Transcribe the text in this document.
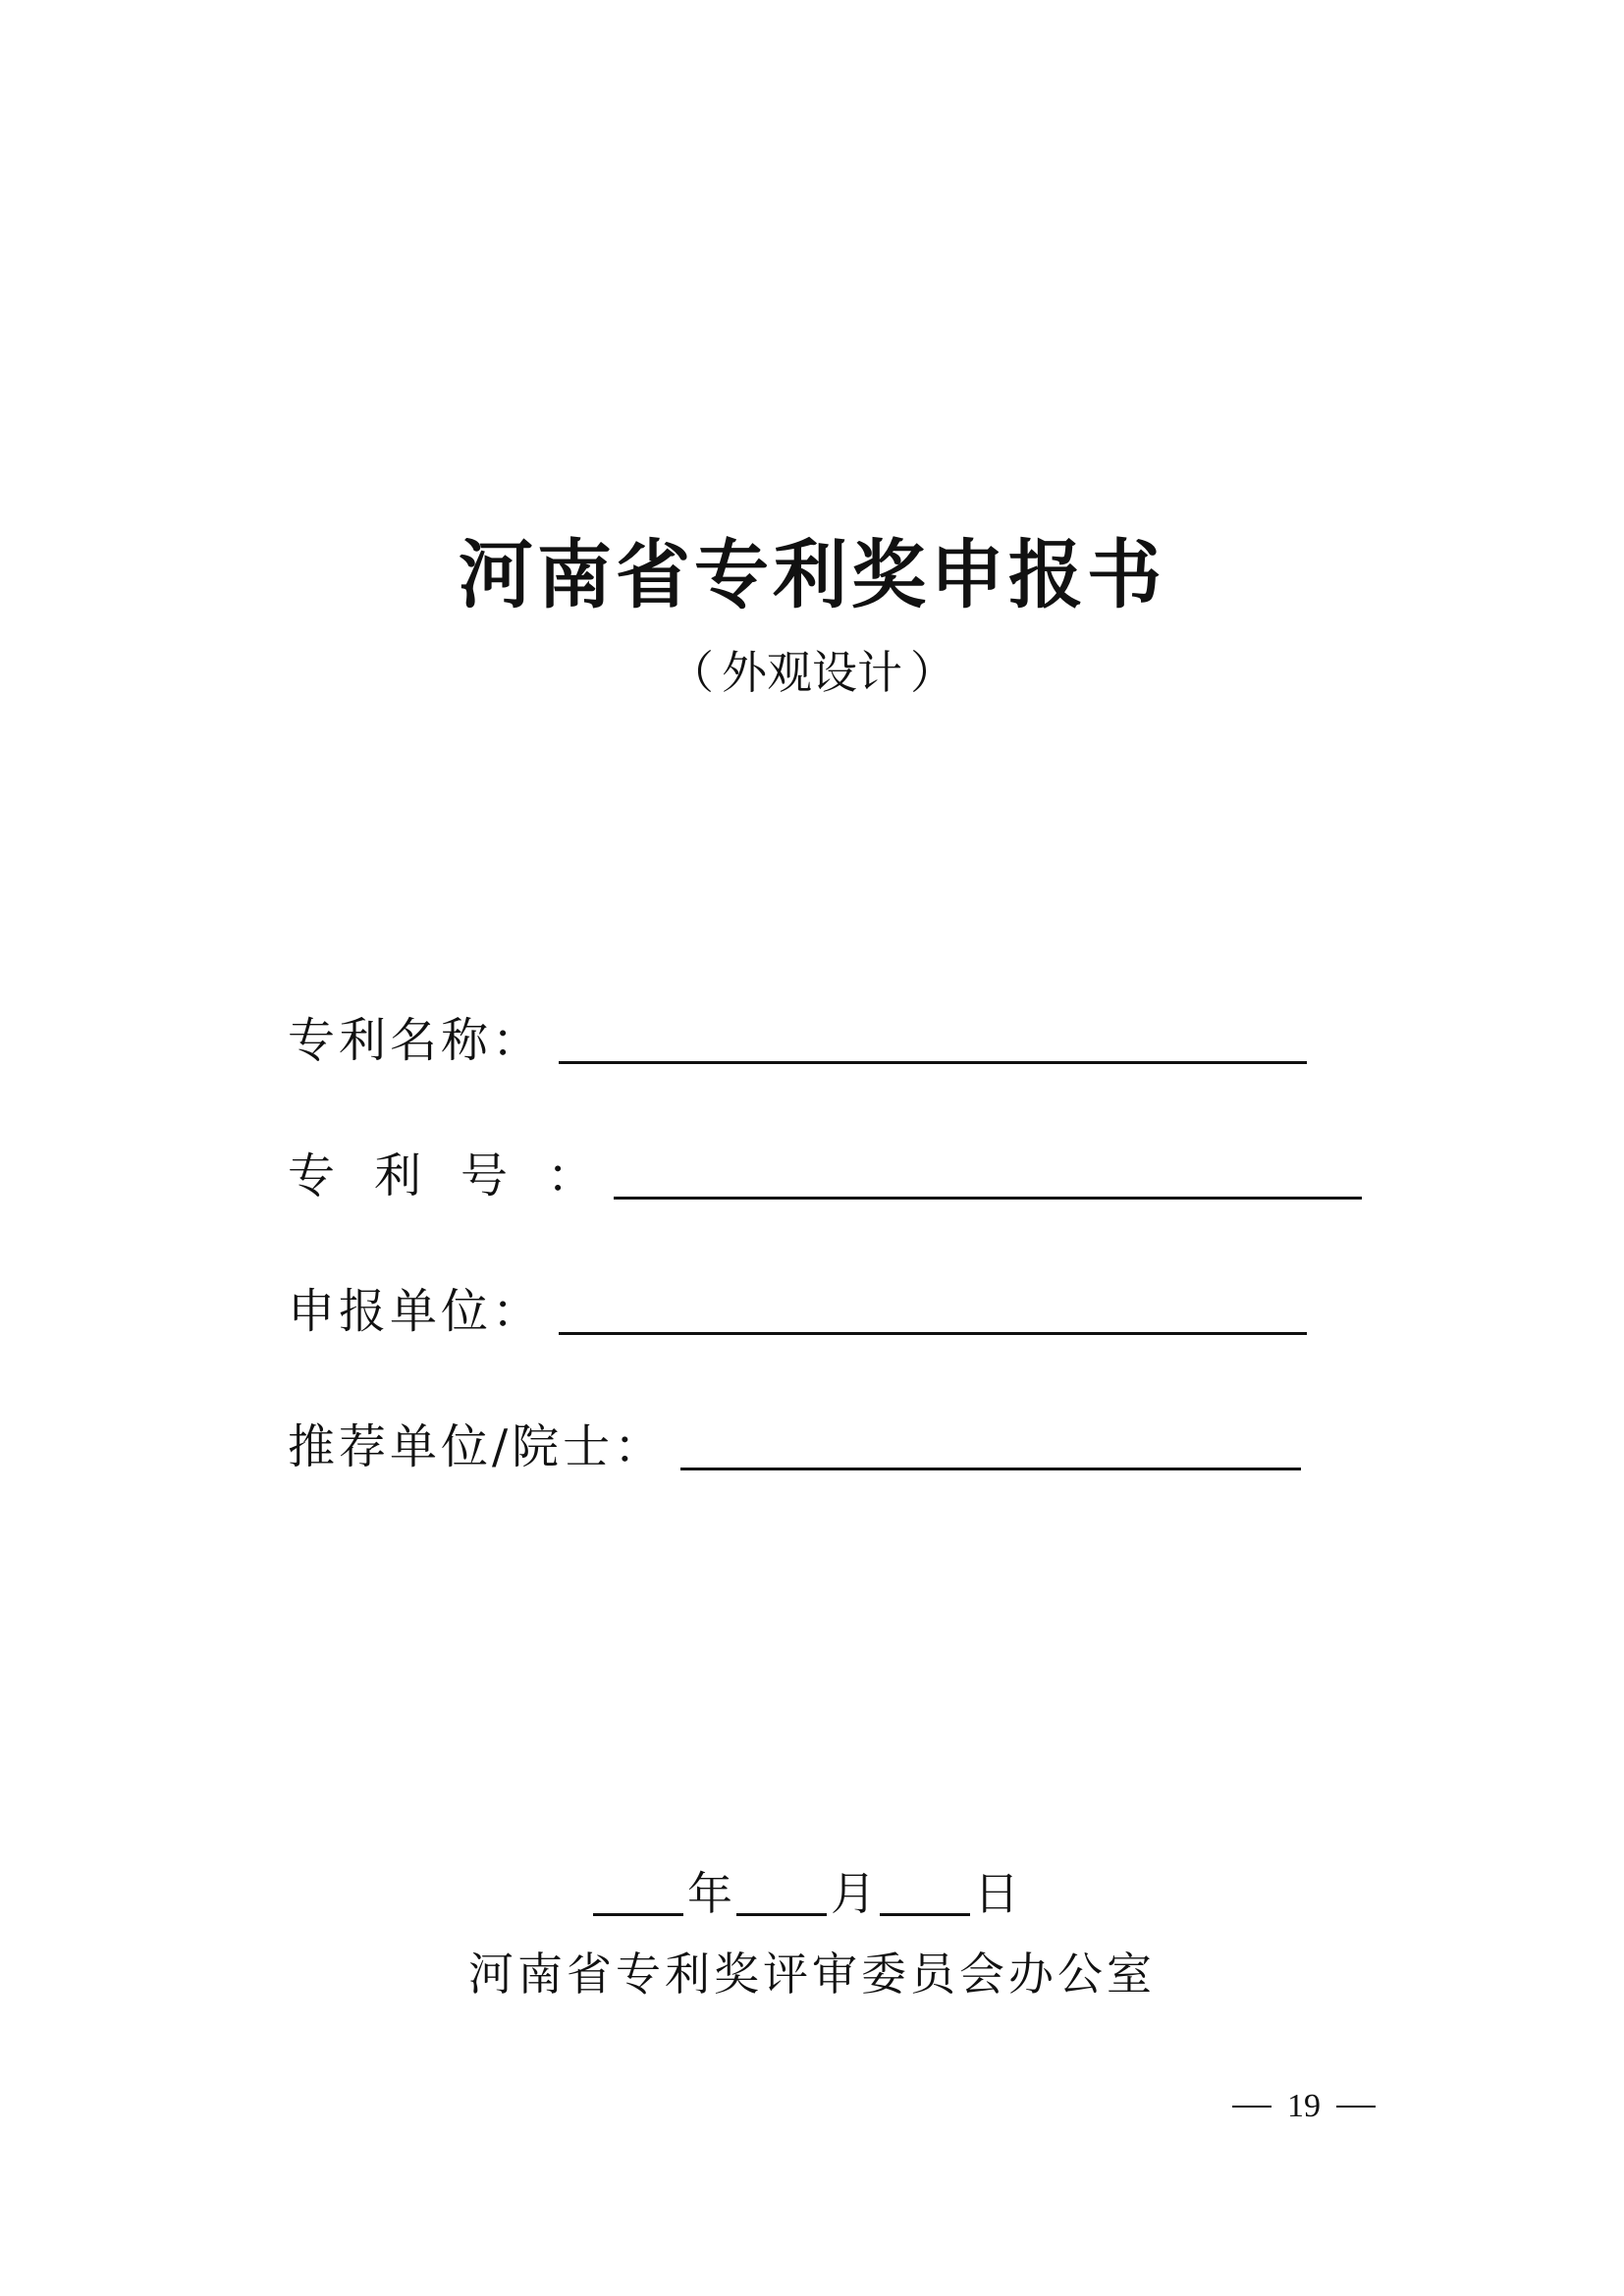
河南省专利奖申报书
（ 外观设计 ）
专利名称 ：
专利号 ：
申报单位 ：
推荐单位/院士 ：
年 月 日
河南省专利奖评审委员会办公室
19
